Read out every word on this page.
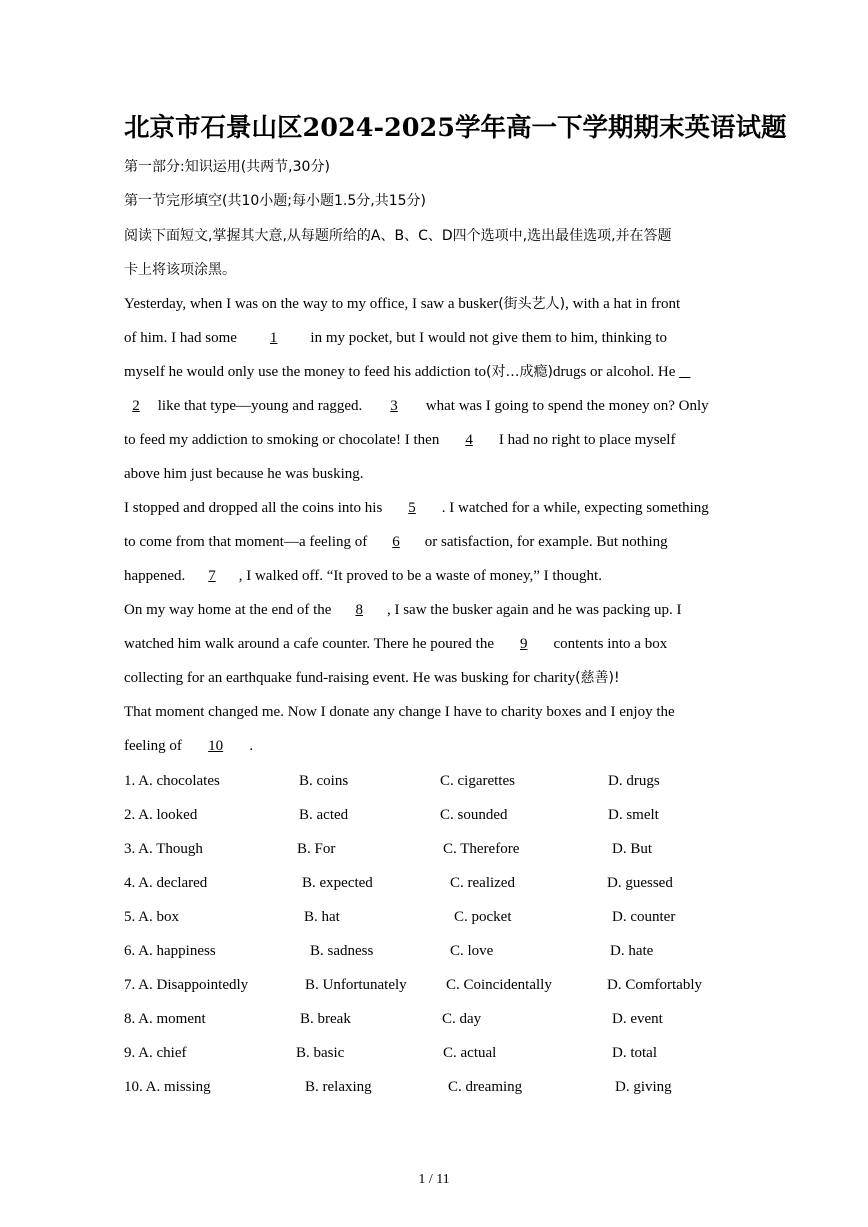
北京市石景山区2024-2025学年高一下学期期末英语试题
第一部分:知识运用(共两节,30分)
第一节完形填空(共10小题;每小题1.5分,共15分)
阅读下面短文,掌握其大意,从每题所给的A、B、C、D四个选项中,选出最佳选项,并在答题
卡上将该项涂黑。
Yesterday, when I was on the way to my office, I saw a busker(街头艺人), with a hat in front
of him. I had some 1 in my pocket, but I would not give them to him, thinking to
myself he would only use the money to feed his addiction to(对…成瘾)drugs or alcohol. He
2 like that type—young and ragged. 3 what was I going to spend the money on? Only
to feed my addiction to smoking or chocolate! I then 4 I had no right to place myself
above him just because he was busking.
I stopped and dropped all the coins into his 5 . I watched for a while, expecting something
to come from that moment—a feeling of 6 or satisfaction, for example. But nothing
happened. 7 , I walked off. “It proved to be a waste of money,” I thought.
On my way home at the end of the 8 , I saw the busker again and he was packing up. I
watched him walk around a cafe counter. There he poured the 9 contents into a box
collecting for an earthquake fund-raising event. He was busking for charity(慈善)!
That moment changed me. Now I donate any change I have to charity boxes and I enjoy the
feeling of 10 .
1. A. chocolates	B. coins	C. cigarettes	D. drugs
2. A. looked	B. acted	C. sounded	D. smelt
3. A. Though	B. For	C. Therefore	D. But
4. A. declared	B. expected	C. realized	D. guessed
5. A. box	B. hat	C. pocket	D. counter
6. A. happiness	B. sadness	C. love	D. hate
7. A. Disappointedly	B. Unfortunately	C. Coincidentally	D. Comfortably
8. A. moment	B. break	C. day	D. event
9. A. chief	B. basic	C. actual	D. total
10. A. missing	B. relaxing	C. dreaming	D. giving
1 / 11
